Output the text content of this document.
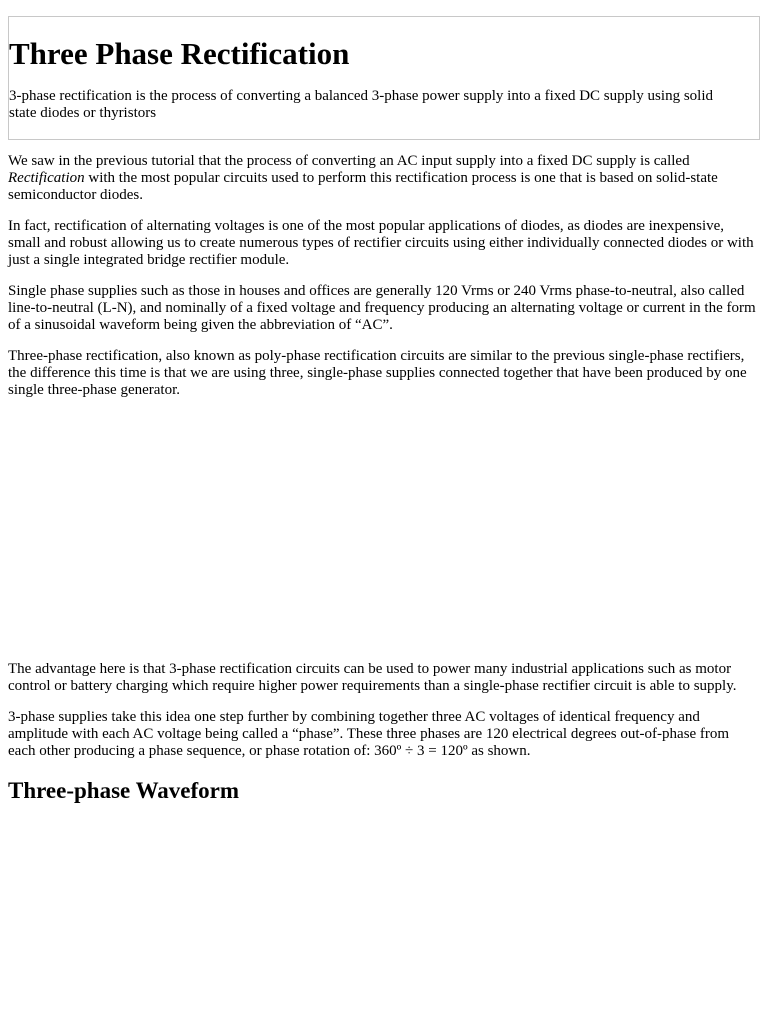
Three Phase Rectification

3-phase rectification is the process of converting a balanced 3-phase power supply into a fixed DC supply using solid state diodes or thyristors

We saw in the previous tutorial that the process of converting an AC input supply into a fixed DC supply is called Rectification with the most popular circuits used to perform this rectification process is one that is based on solid-state semiconductor diodes.

In fact, rectification of alternating voltages is one of the most popular applications of diodes, as diodes are inexpensive, small and robust allowing us to create numerous types of rectifier circuits using either individually connected diodes or with just a single integrated bridge rectifier module.

Single phase supplies such as those in houses and offices are generally 120 Vrms or 240 Vrms phase-to-neutral, also called line-to-neutral (L-N), and nominally of a fixed voltage and frequency producing an alternating voltage or current in the form of a sinusoidal waveform being given the abbreviation of “AC”.

Three-phase rectification, also known as poly-phase rectification circuits are similar to the previous single-phase rectifiers, the difference this time is that we are using three, single-phase supplies connected together that have been produced by one single three-phase generator.

The advantage here is that 3-phase rectification circuits can be used to power many industrial applications such as motor control or battery charging which require higher power requirements than a single-phase rectifier circuit is able to supply.

3-phase supplies take this idea one step further by combining together three AC voltages of identical frequency and amplitude with each AC voltage being called a “phase”. These three phases are 120 electrical degrees out-of-phase from each other producing a phase sequence, or phase rotation of: 360º ÷ 3 = 120º as shown.

Three-phase Waveform
